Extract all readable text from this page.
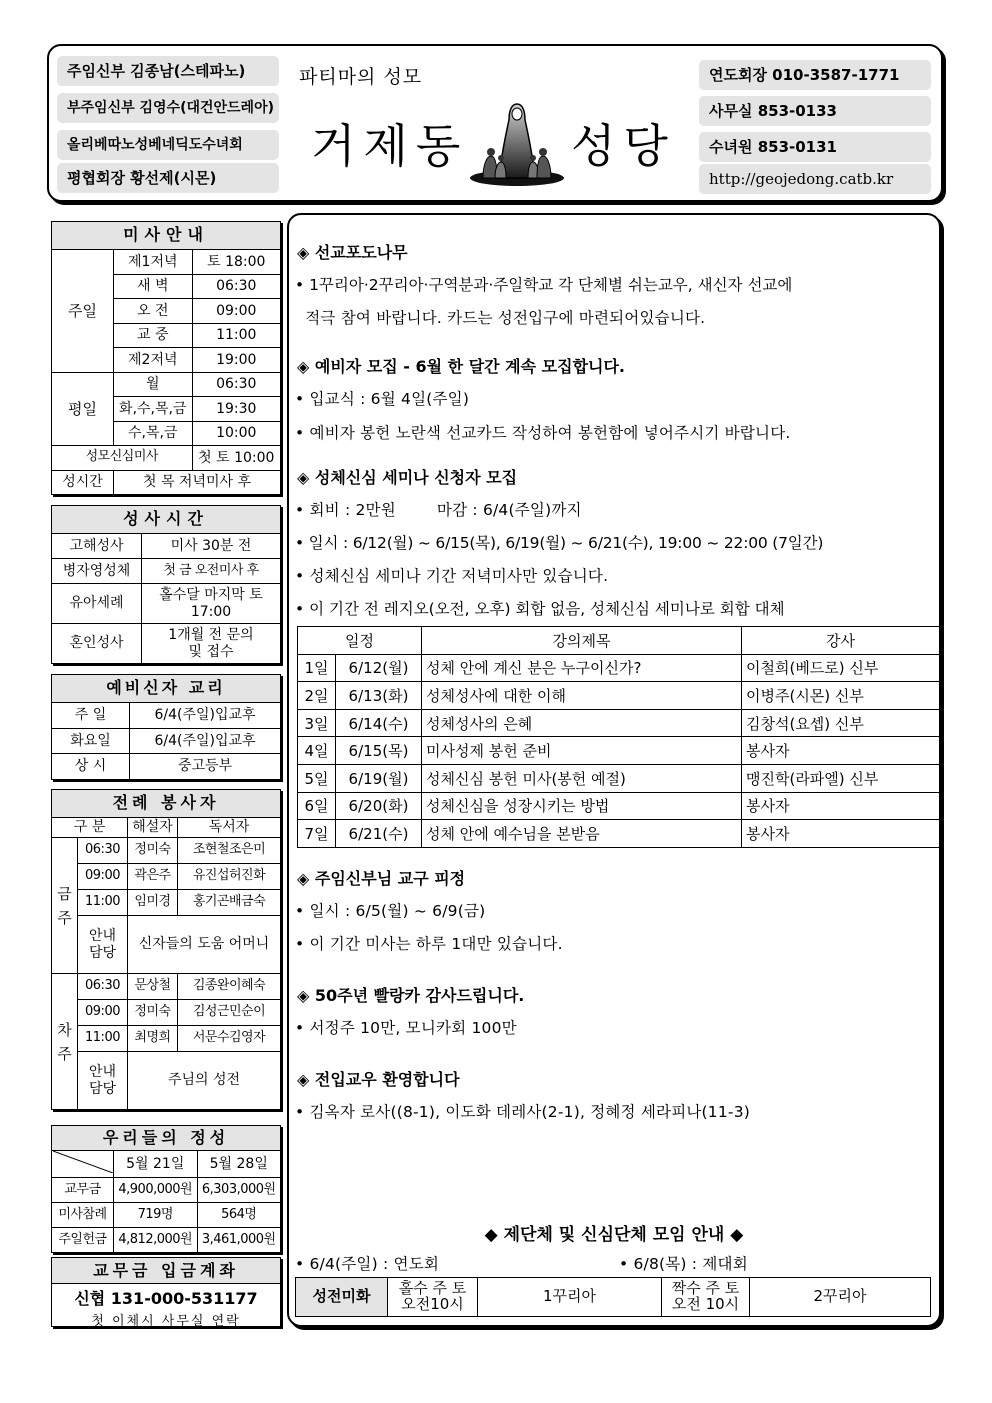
주임신부 김종남(스테파노)
부주임신부 김영수(대건안드레아)
올리베따노성베네딕도수녀회
평협회장 황선제(시몬)
파티마의 성모
거제동 성당
연도회장 010-3587-1771
사무실 853-0133
수녀원 853-0131
http://geojedong.catb.kr
미사안내		
주일	제1저녁	토 18:00
	새 벽	06:30
	오 전	09:00
	교 중	11:00
	제2저녁	19:00
평일	월	06:30
	화,수,목,금	19:30
	수,목,금	10:00
성모신심미사		첫 토 10:00
성시간	첫 목 저녁미사 후	
성사시간	
고해성사	미사 30분 전
병자영성체	첫 금 오전미사 후
유아세례	홀수달 마지막 토 17:00
혼인성사	1개월 전 문의 및 접수
예비신자 교리	
주 일	6/4(주일)입교후
화요일	6/4(주일)입교후
상 시	중고등부
전례 봉사자			
구 분		해설자	독서자
금주	06:30	정미숙	조현철조은미
	09:00	곽은주	유진섭허진화
	11:00	임미경	홍기곤배금숙
	안내 담당	신자들의 도움 어머니	
차주	06:30	문상철	김종완이혜숙
	09:00	정미숙	김성근민순이
	11:00	최명희	서문수김영자
	안내 담당	주님의 성전	
우리들의 정성		
	5월 21일	5월 28일
교무금	4,900,000원	6,303,000원
미사참례	719명	564명
주일헌금	4,812,000원	3,461,000원
교무금 입금계좌
신협 131-000-531177
첫 이체시 사무실 연락
◈ 선교포도나무
• 1꾸리아·2꾸리아·구역분과·주일학교 각 단체별 쉬는교우, 새신자 선교에
적극 참여 바랍니다. 카드는 성전입구에 마련되어있습니다.
◈ 예비자 모집 - 6월 한 달간 계속 모집합니다.
• 입교식 : 6월 4일(주일)
• 예비자 봉헌 노란색 선교카드 작성하여 봉헌함에 넣어주시기 바랍니다.
◈ 성체신심 세미나 신청자 모집
• 회비 : 2만원        마감 : 6/4(주일)까지
• 일시 : 6/12(월) ~ 6/15(목), 6/19(월) ~ 6/21(수), 19:00 ~ 22:00 (7일간)
• 성체신심 세미나 기간 저녁미사만 있습니다.
• 이 기간 전 레지오(오전, 오후) 회합 없음, 성체신심 세미나로 회합 대체
일정		강의제목	강사
1일	6/12(월)	성체 안에 계신 분은 누구이신가?	이철희(베드로) 신부
2일	6/13(화)	성체성사에 대한 이해	이병주(시몬) 신부
3일	6/14(수)	성체성사의 은혜	김창석(요셉) 신부
4일	6/15(목)	미사성제 봉헌 준비	봉사자
5일	6/19(월)	성체신심 봉헌 미사(봉헌 예절)	맹진학(라파엘) 신부
6일	6/20(화)	성체신심을 성장시키는 방법	봉사자
7일	6/21(수)	성체 안에 예수님을 본받음	봉사자
◈ 주임신부님 교구 피정
• 일시 : 6/5(월) ~ 6/9(금)
• 이 기간 미사는 하루 1대만 있습니다.
◈ 50주년 빨랑카 감사드립니다.
• 서정주 10만, 모니카회 100만
◈ 전입교우 환영합니다
• 김옥자 로사((8-1), 이도화 데레사(2-1), 정혜정 세라피나(11-3)
◆ 제단체 및 신심단체 모임 안내 ◆
• 6/4(주일) : 연도회	• 6/8(목) : 제대회
성전미화	홀수 주 토 오전10시	1꾸리아	짝수 주 토 오전 10시	2꾸리아
